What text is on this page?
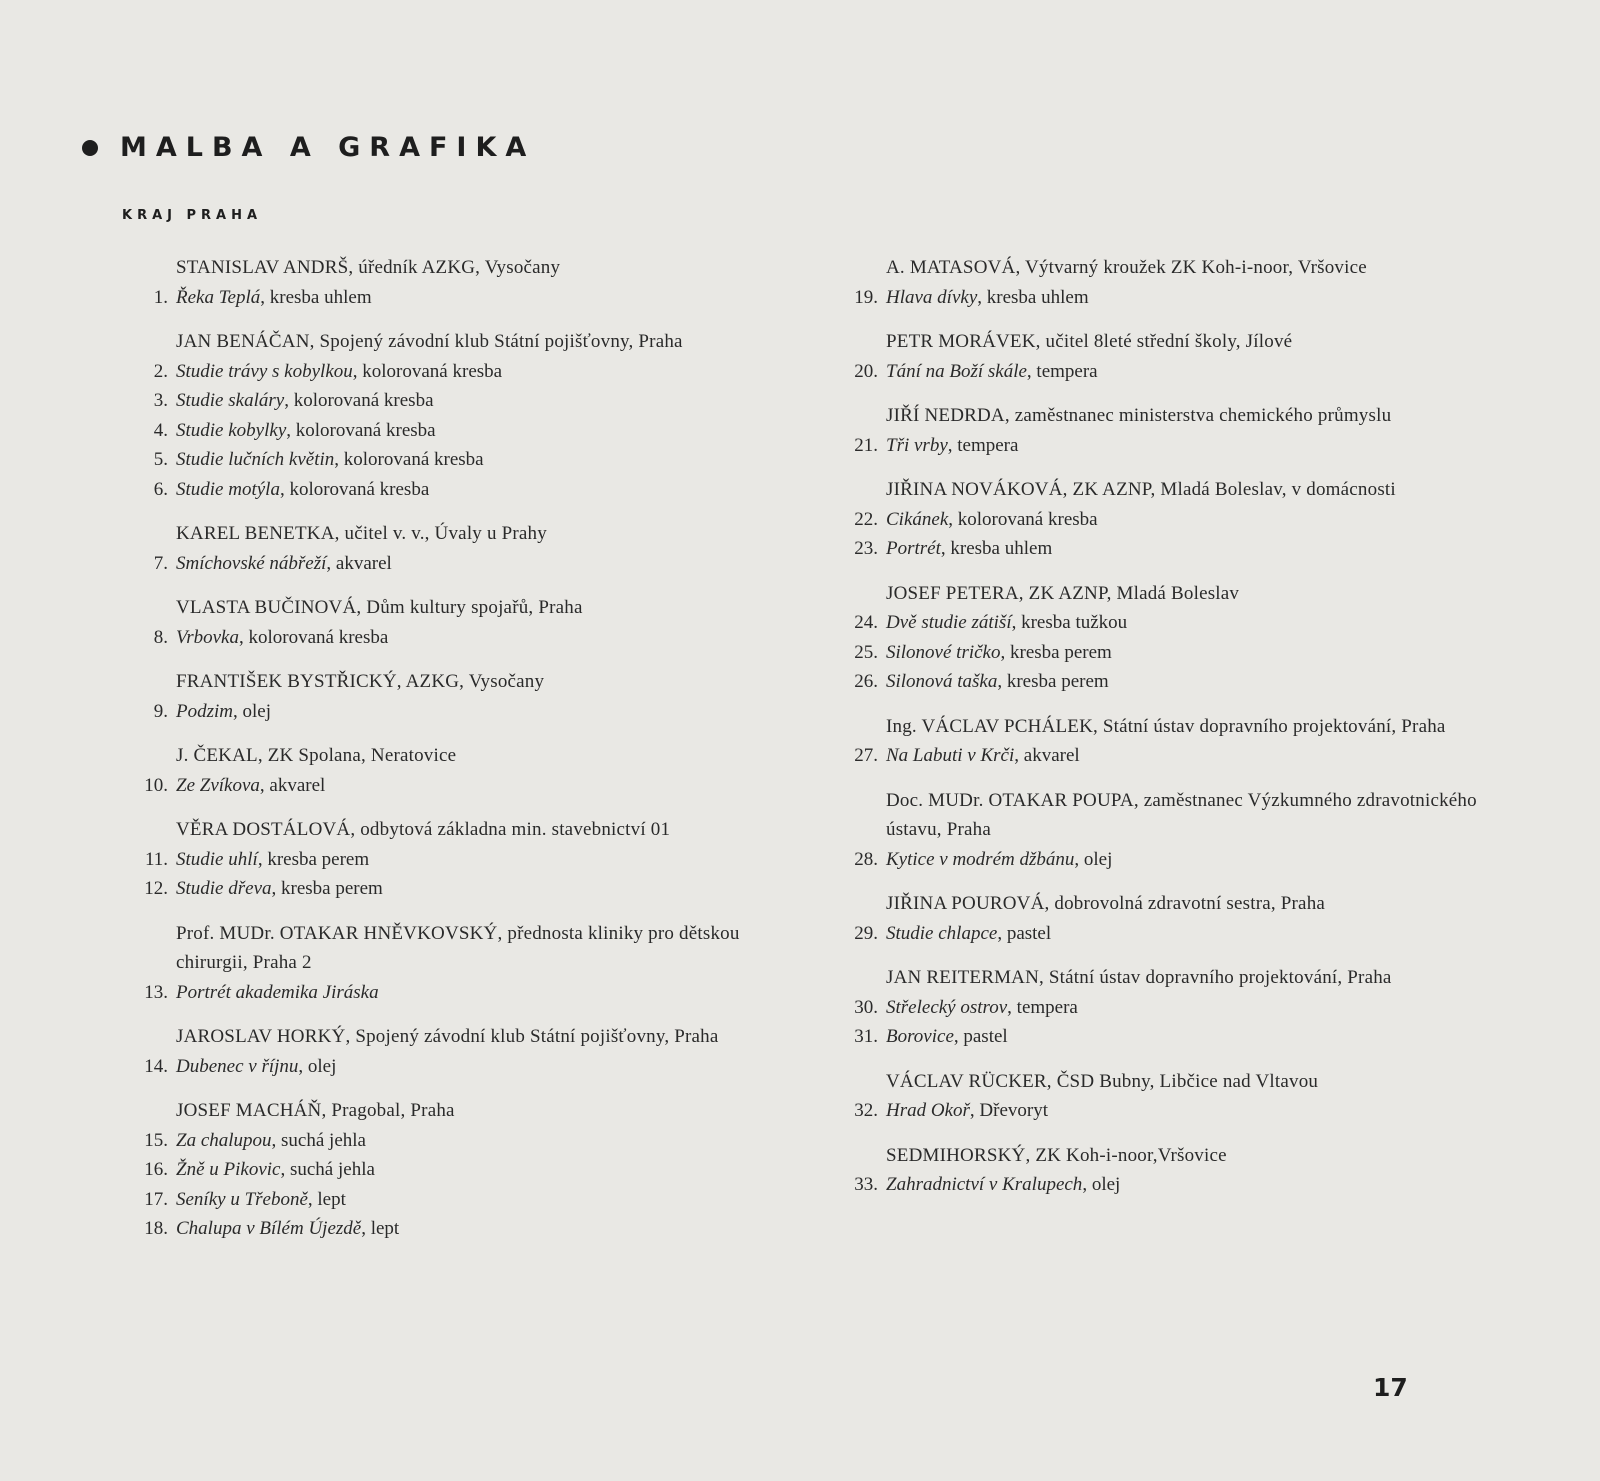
MALBA A GRAFIKA
KRAJ PRAHA
STANISLAV ANDRŠ, úředník AZKG, Vysočany
1. Řeka Teplá, kresba uhlem
JAN BENÁČAN, Spojený závodní klub Státní pojišťovny, Praha
2. Studie trávy s kobylkou, kolorovaná kresba
3. Studie skaláry, kolorovaná kresba
4. Studie kobylky, kolorovaná kresba
5. Studie lučních květin, kolorovaná kresba
6. Studie motýla, kolorovaná kresba
KAREL BENETKA, učitel v. v., Úvaly u Prahy
7. Smíchovské nábřeží, akvarel
VLASTA BUČINOVÁ, Dům kultury spojařů, Praha
8. Vrbovka, kolorovaná kresba
FRANTIŠEK BYSTŘICKÝ, AZKG, Vysočany
9. Podzim, olej
J. ČEKAL, ZK Spolana, Neratovice
10. Ze Zvíkova, akvarel
VĚRA DOSTÁLOVÁ, odbytová základna min. stavebnictví 01
11. Studie uhlí, kresba perem
12. Studie dřeva, kresba perem
Prof. MUDr. OTAKAR HNĚVKOVSKÝ, přednosta kliniky pro dětskou chirurgii, Praha 2
13. Portrét akademika Jiráska
JAROSLAV HORKÝ, Spojený závodní klub Státní pojišťovny, Praha
14. Dubenec v říjnu, olej
JOSEF MACHÁŇ, Pragobal, Praha
15. Za chalupou, suchá jehla
16. Žně u Pikovic, suchá jehla
17. Seníky u Třeboně, lept
18. Chalupa v Bílém Újezdě, lept
A. MATASOVÁ, Výtvarný kroužek ZK Koh-i-noor, Vršovice
19. Hlava dívky, kresba uhlem
PETR MORÁVEK, učitel 8leté střední školy, Jílové
20. Tání na Boží skále, tempera
JIŘÍ NEDRDA, zaměstnanec ministerstva chemického průmyslu
21. Tři vrby, tempera
JIŘINA NOVÁKOVÁ, ZK AZNP, Mladá Boleslav, v domácnosti
22. Cikánek, kolorovaná kresba
23. Portrét, kresba uhlem
JOSEF PETERA, ZK AZNP, Mladá Boleslav
24. Dvě studie zátiší, kresba tužkou
25. Silonové tričko, kresba perem
26. Silonová taška, kresba perem
Ing. VÁCLAV PCHÁLEK, Státní ústav dopravního projektování, Praha
27. Na Labuti v Krči, akvarel
Doc. MUDr. OTAKAR POUPA, zaměstnanec Výzkumného zdravotnického ústavu, Praha
28. Kytice v modrém džbánu, olej
JIŘINA POUROVÁ, dobrovolná zdravotní sestra, Praha
29. Studie chlapce, pastel
JAN REITERMAN, Státní ústav dopravního projektování, Praha
30. Střelecký ostrov, tempera
31. Borovice, pastel
VÁCLAV RÜCKER, ČSD Bubny, Libčice nad Vltavou
32. Hrad Okoř, Dřevoryt
SEDMIHORSKÝ, ZK Koh-i-noor,Vršovice
33. Zahradnictví v Kralupech, olej
17
